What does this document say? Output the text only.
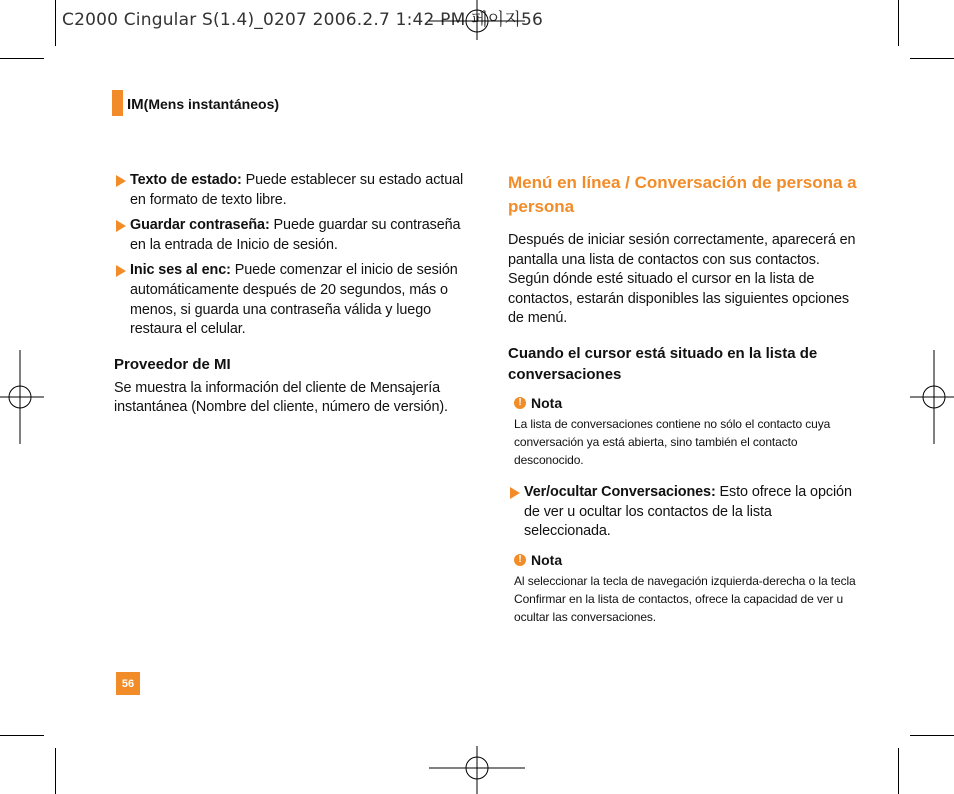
C2000 Cingular S(1.4)_0207 2006.2.7 1:42 PM 페이지56
IM(Mens instantáneos)
Texto de estado: Puede establecer su estado actual en formato de texto libre.
Guardar contraseña: Puede guardar su contraseña en la entrada de Inicio de sesión.
Inic ses al enc: Puede comenzar el inicio de sesión automáticamente después de 20 segundos, más o menos, si guarda una contraseña válida y luego restaura el celular.
Proveedor de MI
Se muestra la información del cliente de Mensajería instantánea (Nombre del cliente, número de versión).
Menú en línea / Conversación de persona a persona
Después de iniciar sesión correctamente, aparecerá en pantalla una lista de contactos con sus contactos. Según dónde esté situado el cursor en la lista de contactos, estarán disponibles las siguientes opciones de menú.
Cuando el cursor está situado en la lista de conversaciones
! Nota
La lista de conversaciones contiene no sólo el contacto cuya conversación ya está abierta, sino también el contacto desconocido.
Ver/ocultar Conversaciones: Esto ofrece la opción de ver u ocultar los contactos de la lista seleccionada.
! Nota
Al seleccionar la tecla de navegación izquierda-derecha o la tecla Confirmar en la lista de contactos, ofrece la capacidad de ver u ocultar las conversaciones.
56
